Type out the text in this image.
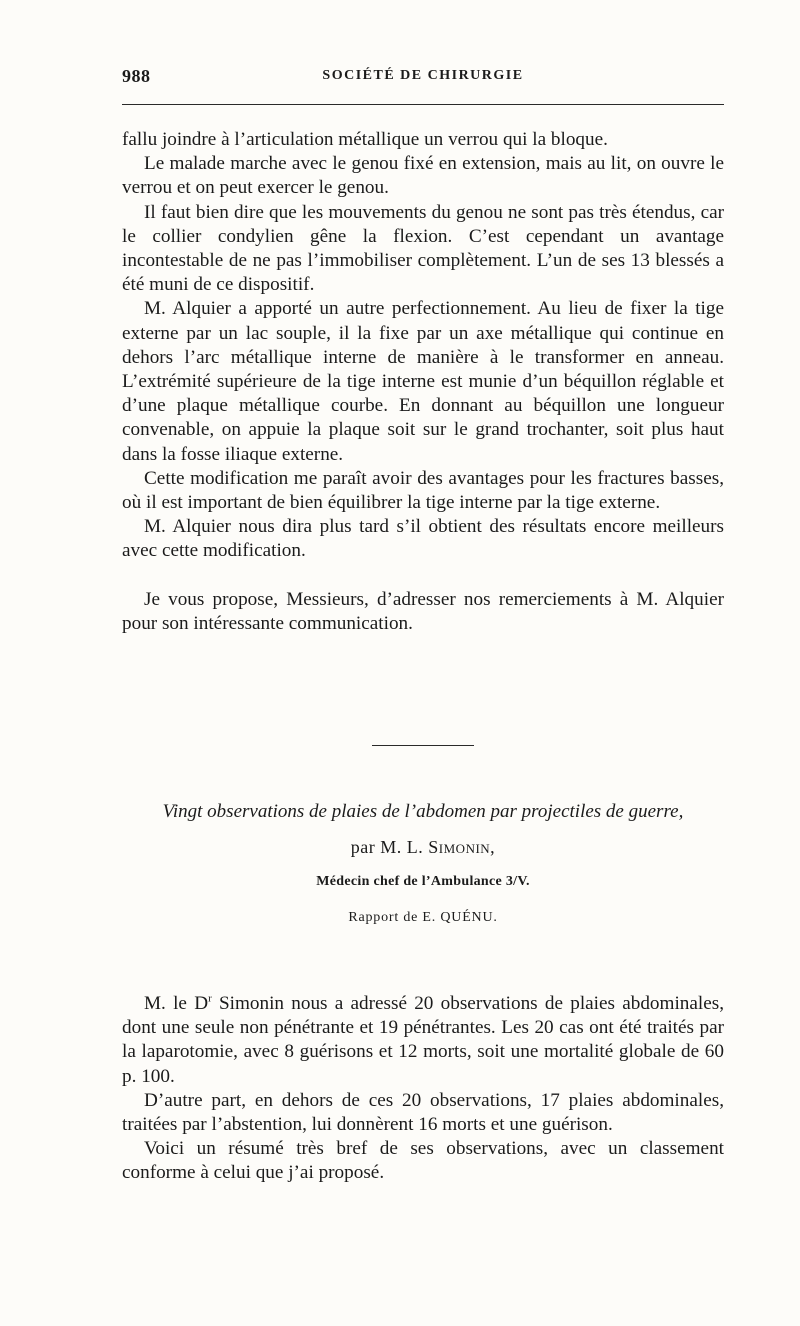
988	SOCIÉTÉ DE CHIRURGIE

fallu joindre à l’articulation métallique un verrou qui la bloque.

Le malade marche avec le genou fixé en extension, mais au lit, on ouvre le verrou et on peut exercer le genou.

Il faut bien dire que les mouvements du genou ne sont pas très étendus, car le collier condylien gêne la flexion. C’est cependant un avantage incontestable de ne pas l’immobiliser complètement. L’un de ses 13 blessés a été muni de ce dispositif.

M. Alquier a apporté un autre perfectionnement. Au lieu de fixer la tige externe par un lac souple, il la fixe par un axe métallique qui continue en dehors l’arc métallique interne de manière à le transformer en anneau. L’extrémité supérieure de la tige interne est munie d’un béquillon réglable et d’une plaque métallique courbe. En donnant au béquillon une longueur convenable, on appuie la plaque soit sur le grand trochanter, soit plus haut dans la fosse iliaque externe.

Cette modification me paraît avoir des avantages pour les fractures basses, où il est important de bien équilibrer la tige interne par la tige externe.

M. Alquier nous dira plus tard s’il obtient des résultats encore meilleurs avec cette modification.

Je vous propose, Messieurs, d’adresser nos remerciements à M. Alquier pour son intéressante communication.

Vingt observations de plaies de l’abdomen par projectiles de guerre,

par M. L. Simonin,

Médecin chef de l’Ambulance 3/V.

Rapport de E. QUÉNU.

M. le $D^r$ Simonin nous a adressé 20 observations de plaies abdominales, dont une seule non pénétrante et 19 pénétrantes. Les 20 cas ont été traités par la laparotomie, avec 8 guérisons et 12 morts, soit une mortalité globale de 60 p. 100.

D’autre part, en dehors de ces 20 observations, 17 plaies abdominales, traitées par l’abstention, lui donnèrent 16 morts et une guérison.

Voici un résumé très bref de ses observations, avec un classement conforme à celui que j’ai proposé.
